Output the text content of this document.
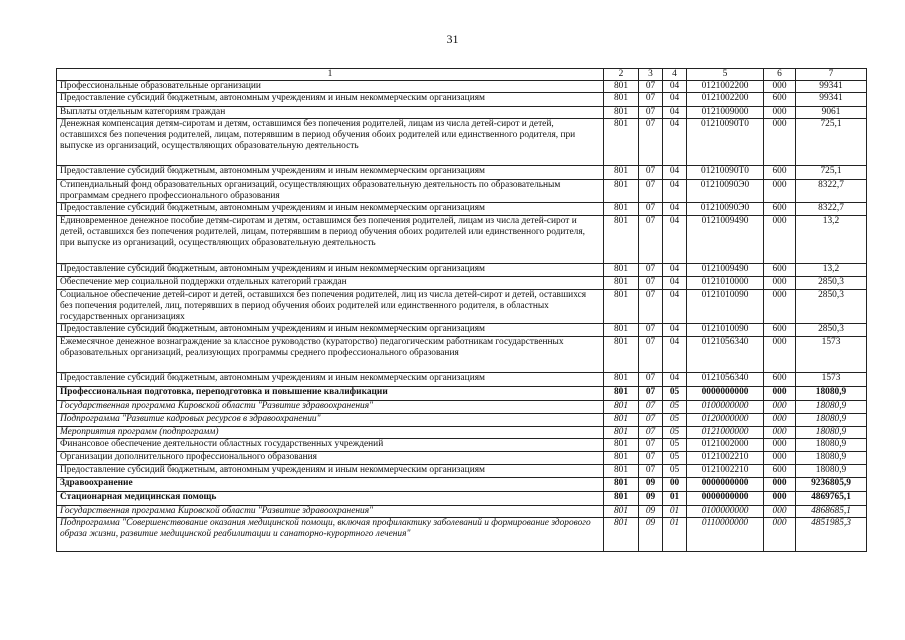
31
1	2	3	4	5	6	7
Профессиональные образовательные организации	801	07	04	0121002200	000	99341
Предоставление субсидий бюджетным, автономным учреждениям и иным некоммерческим организациям	801	07	04	0121002200	600	99341
Выплаты отдельным категориям граждан	801	07	04	0121009000	000	9061
Денежная компенсация детям-сиротам и детям, оставшимся без попечения родителей, лицам из числа детей-сирот и детей, оставшихся без попечения родителей, лицам, потерявшим в период обучения обоих родителей или единственного родителя, при выпуске из организаций, осуществляющих образовательную деятельность	801	07	04	01210090Т0	000	725,1
Предоставление субсидий бюджетным, автономным учреждениям и иным некоммерческим организациям	801	07	04	01210090Т0	600	725,1
Стипендиальный фонд образовательных организаций, осуществляющих образовательную деятельность по образовательным программам среднего профессионального образования	801	07	04	01210090Э0	000	8322,7
Предоставление субсидий бюджетным, автономным учреждениям и иным некоммерческим организациям	801	07	04	01210090Э0	600	8322,7
Единовременное денежное пособие детям-сиротам и детям, оставшимся без попечения родителей, лицам из числа детей-сирот и детей, оставшихся без попечения родителей, лицам, потерявшим в период обучения обоих родителей или единственного родителя, при выпуске из организаций, осуществляющих образовательную деятельность	801	07	04	0121009490	000	13,2
Предоставление субсидий бюджетным, автономным учреждениям и иным некоммерческим организациям	801	07	04	0121009490	600	13,2
Обеспечение мер социальной поддержки отдельных категорий граждан	801	07	04	0121010000	000	2850,3
Социальное обеспечение детей-сирот и детей, оставшихся без попечения родителей, лиц из числа детей-сирот и детей, оставшихся без попечения родителей, лиц, потерявших в период обучения обоих родителей или единственного родителя, в областных государственных организациях	801	07	04	0121010090	000	2850,3
Предоставление субсидий бюджетным, автономным учреждениям и иным некоммерческим организациям	801	07	04	0121010090	600	2850,3
Ежемесячное денежное вознаграждение за классное руководство (кураторство) педагогическим работникам государственных образовательных организаций, реализующих программы среднего профессионального образования	801	07	04	0121056340	000	1573
Предоставление субсидий бюджетным, автономным учреждениям и иным некоммерческим организациям	801	07	04	0121056340	600	1573
Профессиональная подготовка, переподготовка и повышение квалификации	801	07	05	0000000000	000	18080,9
Государственная программа Кировской области "Развитие здравоохранения"	801	07	05	0100000000	000	18080,9
Подпрограмма "Развитие кадровых ресурсов в здравоохранении"	801	07	05	0120000000	000	18080,9
Мероприятия программ (подпрограмм)	801	07	05	0121000000	000	18080,9
Финансовое обеспечение деятельности областных государственных учреждений	801	07	05	0121002000	000	18080,9
Организации дополнительного профессионального образования	801	07	05	0121002210	000	18080,9
Предоставление субсидий бюджетным, автономным учреждениям и иным некоммерческим организациям	801	07	05	0121002210	600	18080,9
Здравоохранение	801	09	00	0000000000	000	9236805,9
Стационарная медицинская помощь	801	09	01	0000000000	000	4869765,1
Государственная программа Кировской области "Развитие здравоохранения"	801	09	01	0100000000	000	4868685,1
Подпрограмма "Совершенствование оказания медицинской помощи, включая профилактику заболеваний и формирование здорового образа жизни, развитие медицинской реабилитации и санаторно-курортного лечения"	801	09	01	0110000000	000	4851985,3
